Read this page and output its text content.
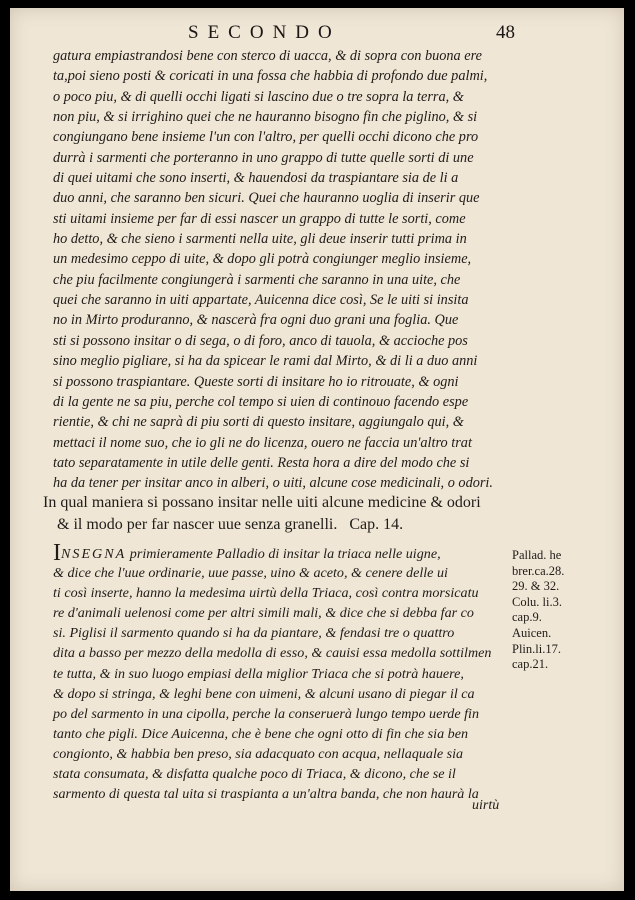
SECONDO	48
gatura empiastrandosi bene con sterco di uacca, & di sopra con buona ere
ta,poi sieno posti & coricati in una fossa che habbia di profondo due palmi,
o poco piu, & di quelli occhi ligati si lascino due o tre sopra la terra, &
non piu, & si irrighino quei che ne hauranno bisogno fin che piglino, & si
congiungano bene insieme l'un con l'altro, per quelli occhi dicono che pro
durrà i sarmenti che porteranno in uno grappo di tutte quelle sorti di une
di quei uitami che sono inserti, & hauendosi da traspiantare sia de li a
duo anni, che saranno ben sicuri. Quei che hauranno uoglia di inserir que
sti uitami insieme per far di essi nascer un grappo di tutte le sorti, come
ho detto, & che sieno i sarmenti nella uite, gli deue inserir tutti prima in
un medesimo ceppo di uite, & dopo gli potrà congiunger meglio insieme,
che piu facilmente congiungerà i sarmenti che saranno in una uite, che
quei che saranno in uiti appartate, Auicenna dice così, Se le uiti si insita
no in Mirto produranno, & nascerà fra ogni duo grani una foglia. Que
sti si possono insitar o di sega, o di foro, anco di tauola, & accioche pos
sino meglio pigliare, si ha da spicear le rami dal Mirto, & di li a duo anni
si possono traspiantare. Queste sorti di insitare ho io ritrouate, & ogni
di la gente ne sa piu, perche col tempo si uien di continouo facendo espe
rientie, & chi ne saprà di piu sorti di questo insitare, aggiungalo qui, &
mettaci il nome suo, che io gli ne do licenza, ouero ne faccia un'altro trat
tato separatamente in utile delle genti. Resta hora a dire del modo che si
ha da tener per insitar anco in alberi, o uiti, alcune cose medicinali, o odori.
In qual maniera si possano insitar nelle uiti alcune medicine & odori
& il modo per far nascer uue senza granelli. Cap. 14.
INSEGNA primieramente Palladio di insitar la triaca nelle uigne,
& dice che l'uue ordinarie, uue passe, uino & aceto, & cenere delle ui
ti così inserte, hanno la medesima uirtù della Triaca, così contra morsicatu
re d'animali uelenosi come per altri simili mali, & dice che si debba far co
si. Piglisi il sarmento quando si ha da piantare, & fendasi tre o quattro
dita a basso per mezzo della medolla di esso, & cauisi essa medolla sottilmen
te tutta, & in suo luogo empiasi della miglior Triaca che si potrà hauere,
& dopo si stringa, & leghi bene con uimeni, & alcuni usano di piegar il ca
po del sarmento in una cipolla, perche la conseruerà lungo tempo uerde fin
tanto che pigli. Dice Auicenna, che è bene che ogni otto di fin che sia ben
congionto, & habbia ben preso, sia adacquato con acqua, nellaquale sia
stata consumata, & disfatta qualche poco di Triaca, & dicono, che se il
sarmento di questa tal uita si traspianta a un'altra banda, che non haurà la
Pallad. he
brer.ca.28.
29. & 32.
Colu. li.3.
cap.9.
Auicen.
Plin.li.17.
cap.21.
uirtù
